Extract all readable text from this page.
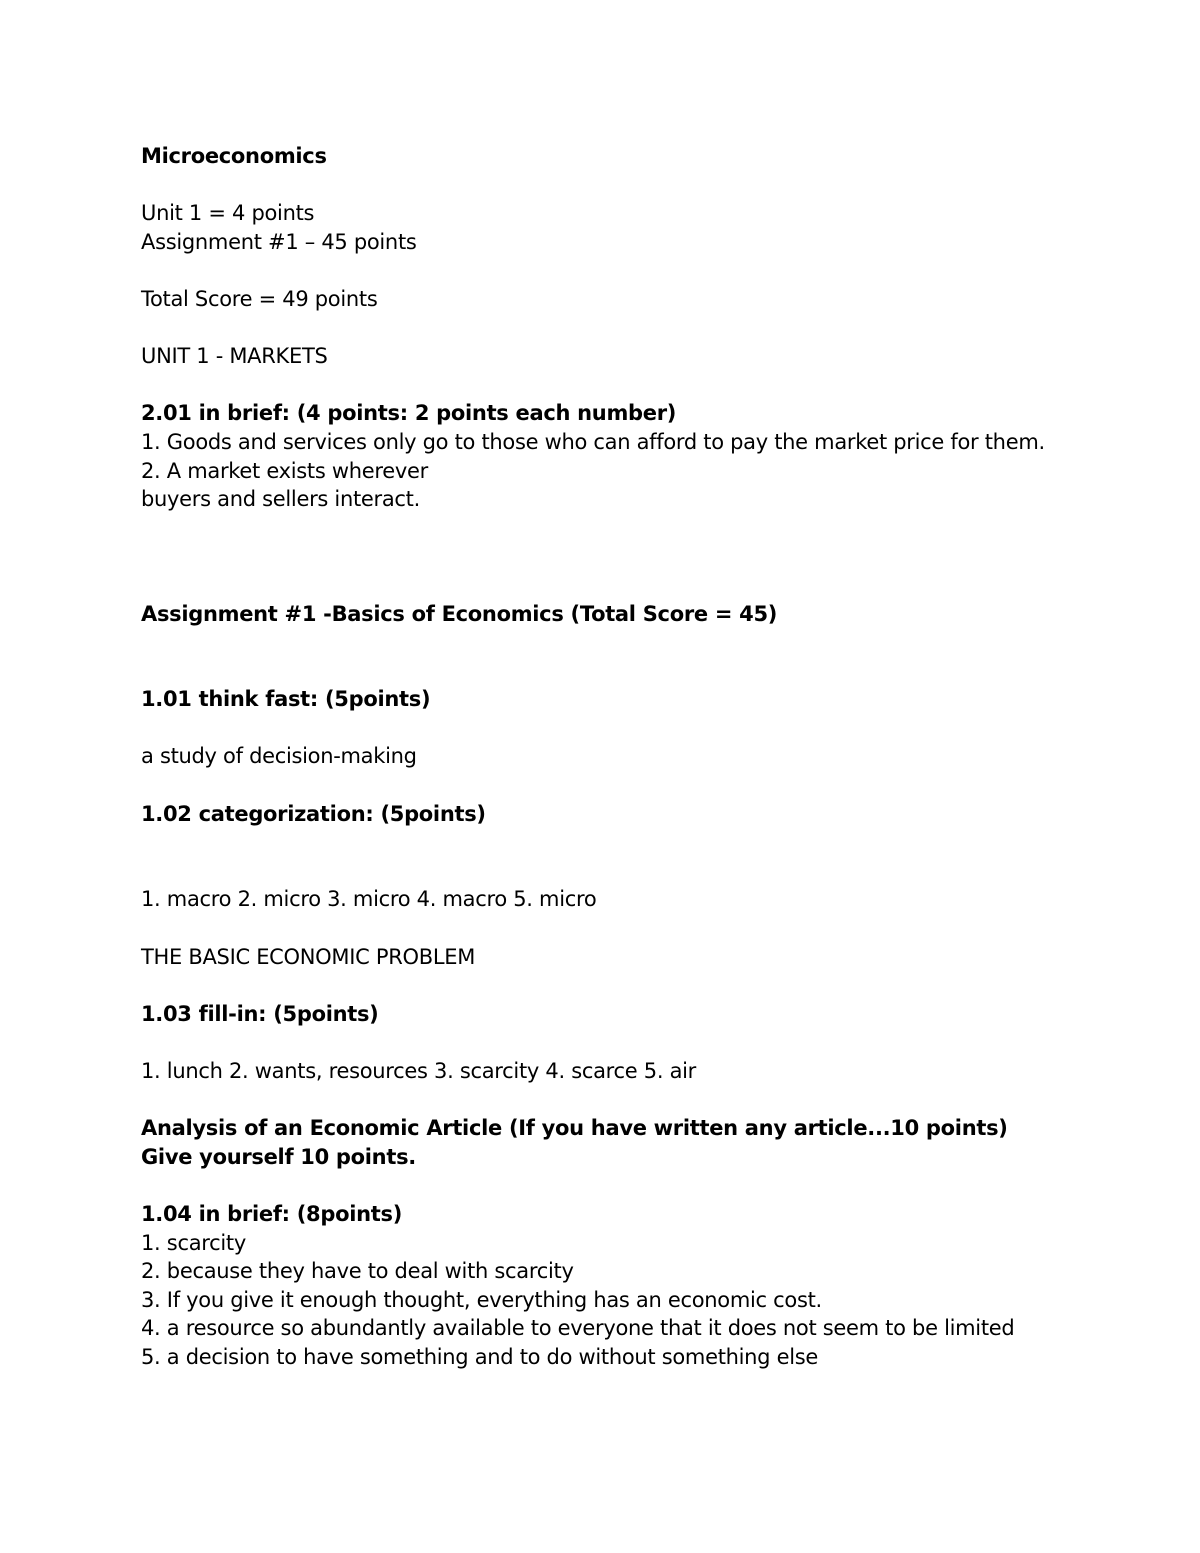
Microeconomics
Unit 1 = 4 points
Assignment #1 – 45 points
Total Score = 49 points
UNIT 1 - MARKETS
2.01 in brief: (4 points: 2 points each number)
1. Goods and services only go to those who can afford to pay the market price for them.
2. A market exists wherever
buyers and sellers interact.
Assignment #1 -Basics of Economics (Total Score = 45)
1.01 think fast: (5points)
a study of decision-making
1.02 categorization: (5points)
1. macro 2. micro 3. micro 4. macro 5. micro
THE BASIC ECONOMIC PROBLEM
1.03 fill-in: (5points)
1. lunch 2. wants, resources 3. scarcity 4. scarce 5. air
Analysis of an Economic Article (If you have written any article...10 points)
Give yourself 10 points.
1.04 in brief: (8points)
1. scarcity
2. because they have to deal with scarcity
3. If you give it enough thought, everything has an economic cost.
4. a resource so abundantly available to everyone that it does not seem to be limited
5. a decision to have something and to do without something else
